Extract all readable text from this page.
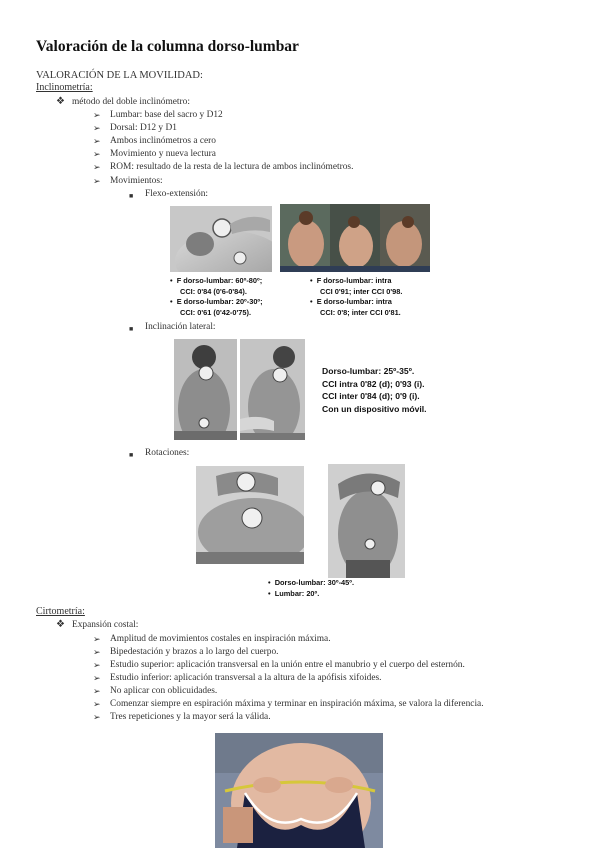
Valoración de la columna dorso-lumbar
VALORACIÓN DE LA MOVILIDAD:
Inclinometría:
❖ método del doble inclinómetro:
➢ Lumbar: base del sacro y D12
➢ Dorsal: D12 y D1
➢ Ambos inclinómetros a cero
➢ Movimiento y nueva lectura
➢ ROM: resultado de la resta de la lectura de ambos inclinómetros.
➢ Movimientos:
■ Flexo-extensión:
•  F dorso-lumbar: 60º-80º;
CCI: 0'84 (0'6-0'84).
•  E dorso-lumbar: 20º-30º;
CCI: 0'61 (0'42-0'75).
•  F dorso-lumbar: intra
CCI 0'91; inter CCI 0'98.
•  E dorso-lumbar: intra
CCI: 0'8; inter CCI 0'81.
■ Inclinación lateral:
Dorso-lumbar: 25º-35º.
CCI intra 0'82 (d); 0'93 (i).
CCI inter 0'84 (d); 0'9 (i).
Con un dispositivo móvil.
■ Rotaciones:
•  Dorso-lumbar: 30º-45º.
•  Lumbar: 20º.
Cirtometría:
❖ Expansión costal:
➢ Amplitud de movimientos costales en inspiración máxima.
➢ Bipedestación y brazos a lo largo del cuerpo.
➢ Estudio superior: aplicación transversal en la unión entre el manubrio y el cuerpo del esternón.
➢ Estudio inferior: aplicación transversal a la altura de la apófisis xifoides.
➢ No aplicar con oblicuidades.
➢ Comenzar siempre en espiración máxima y terminar en inspiración máxima, se valora la diferencia.
➢ Tres repeticiones y la mayor será la válida.
